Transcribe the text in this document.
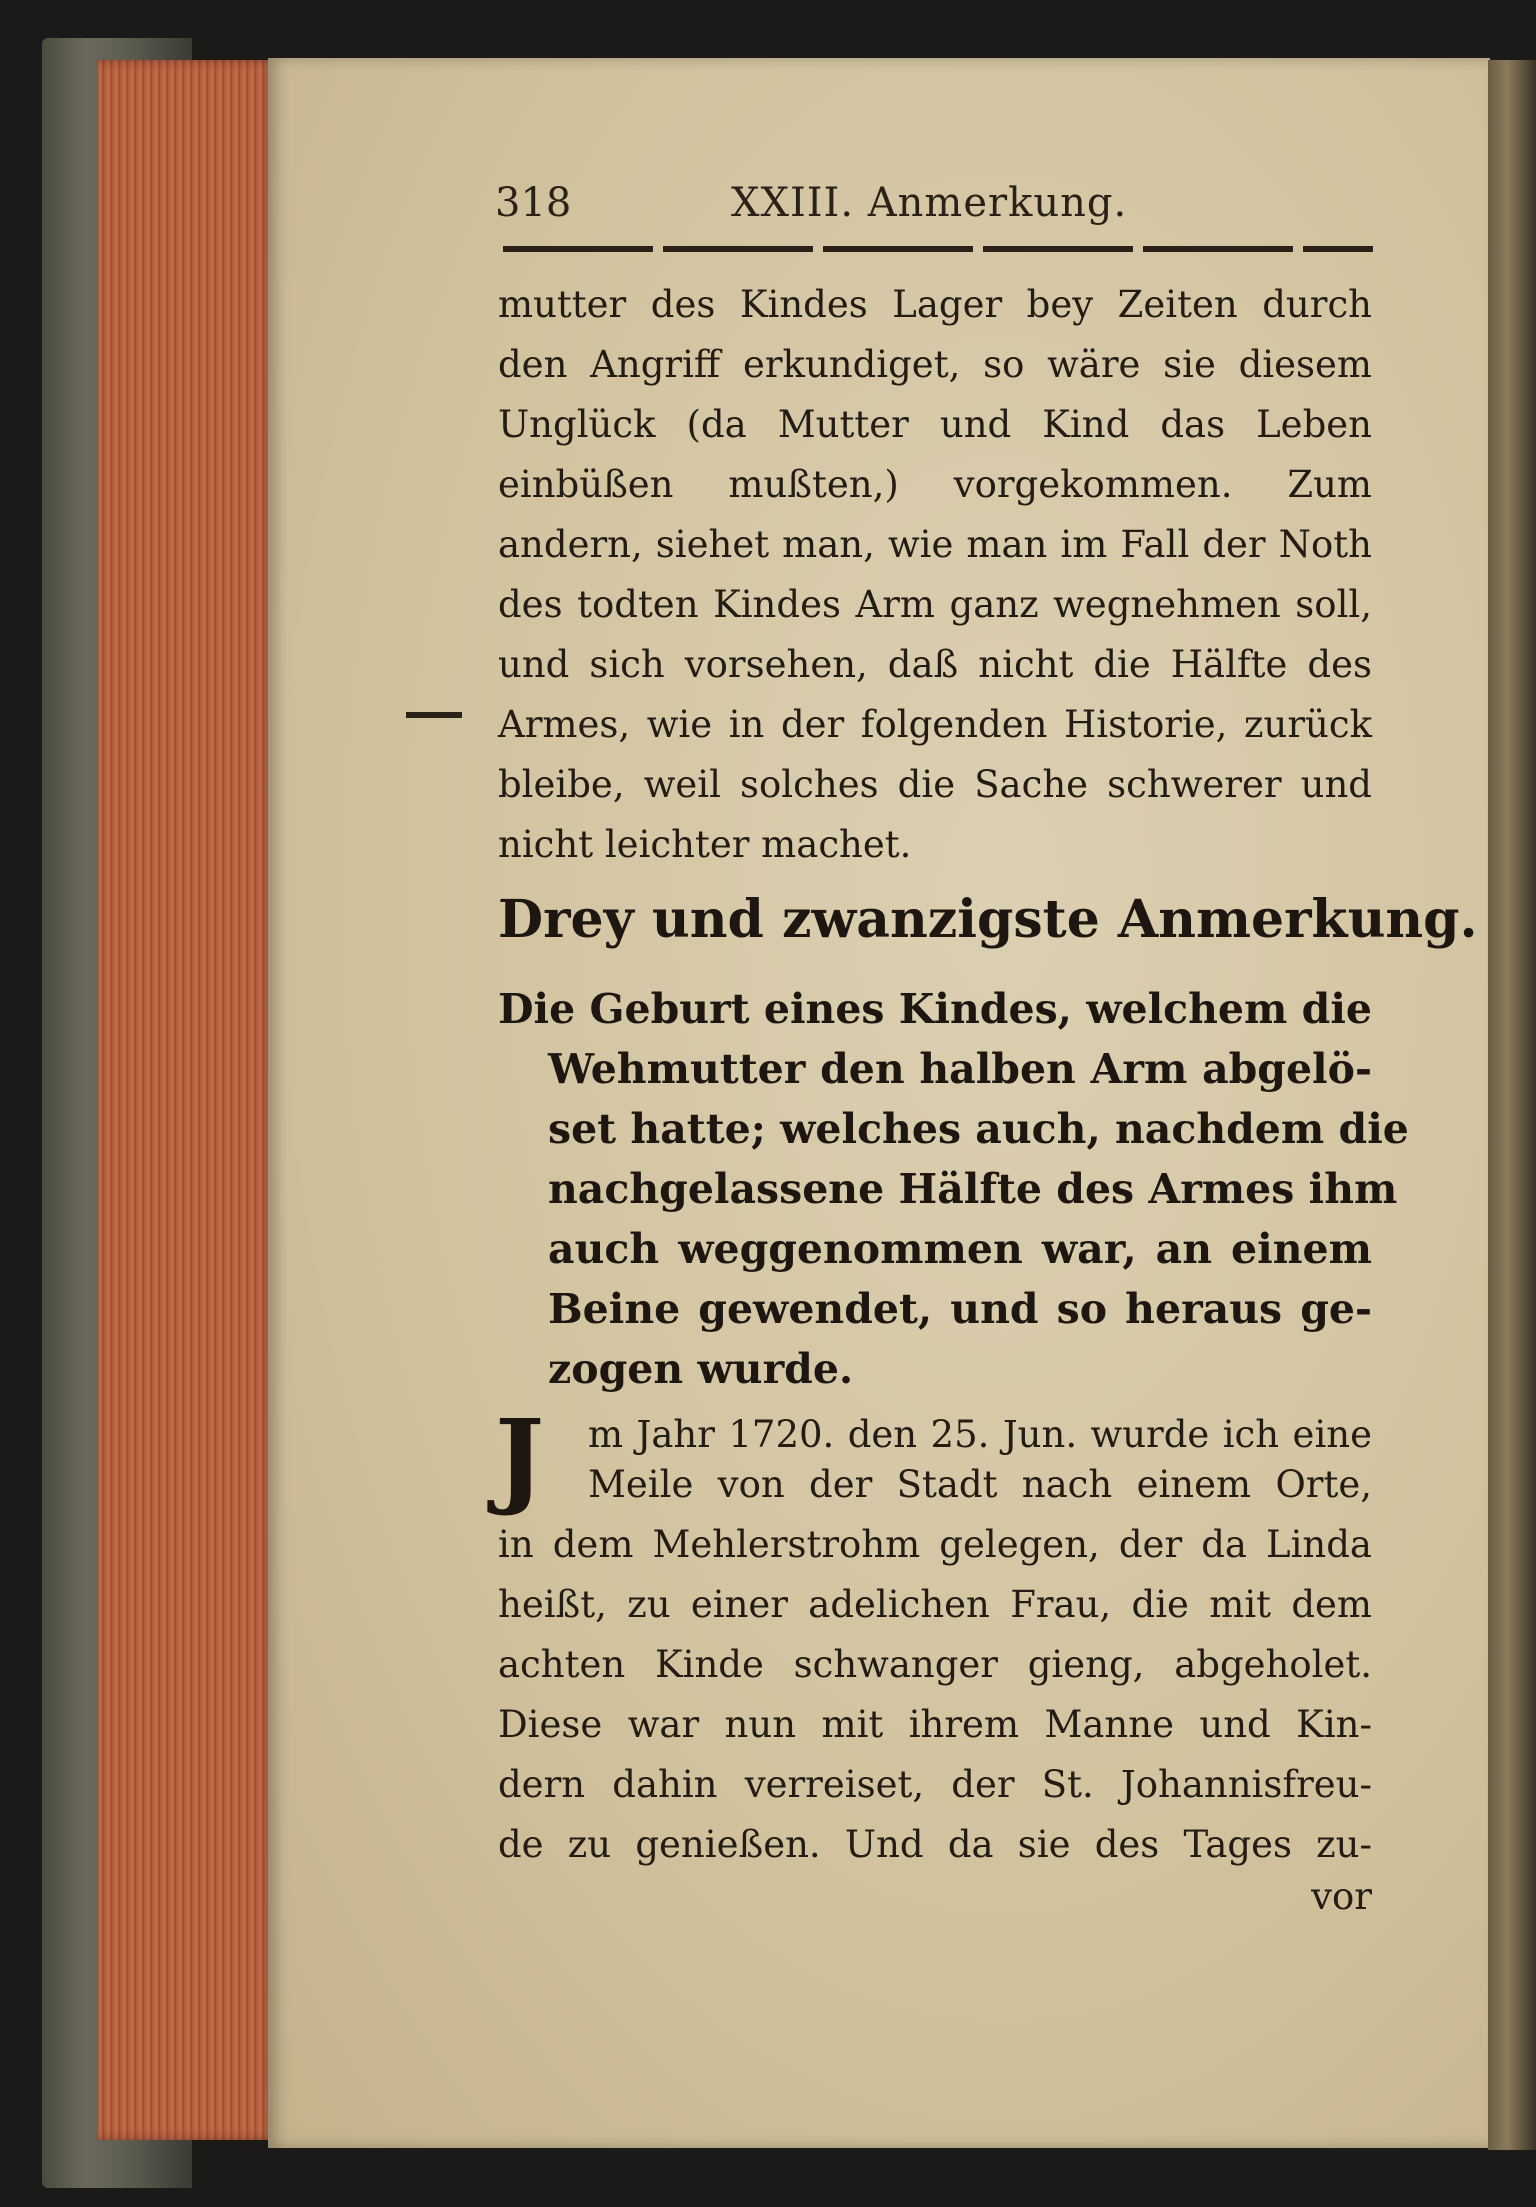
318	XXIII. Anmerkung.
mutter des Kindes Lager bey Zeiten durch
den Angriff erkundiget, so wäre sie diesem
Unglück (da Mutter und Kind das Leben
einbüßen mußten,) vorgekommen. Zum
andern, siehet man, wie man im Fall der Noth
des todten Kindes Arm ganz wegnehmen soll,
und sich vorsehen, daß nicht die Hälfte des
Armes, wie in der folgenden Historie, zurück
bleibe, weil solches die Sache schwerer und
nicht leichter machet.
Drey und zwanzigste Anmerkung.
Die Geburt eines Kindes, welchem die
Wehmutter den halben Arm abgelö-
set hatte; welches auch, nachdem die
nachgelassene Hälfte des Armes ihm
auch weggenommen war, an einem
Beine gewendet, und so heraus ge-
zogen wurde.
J	m Jahr 1720. den 25. Jun. wurde ich eine
Meile von der Stadt nach einem Orte,
in dem Mehlerstrohm gelegen, der da Linda
heißt, zu einer adelichen Frau, die mit dem
achten Kinde schwanger gieng, abgeholet.
Diese war nun mit ihrem Manne und Kin-
dern dahin verreiset, der St. Johannisfreu-
de zu genießen. Und da sie des Tages zu-
vor
